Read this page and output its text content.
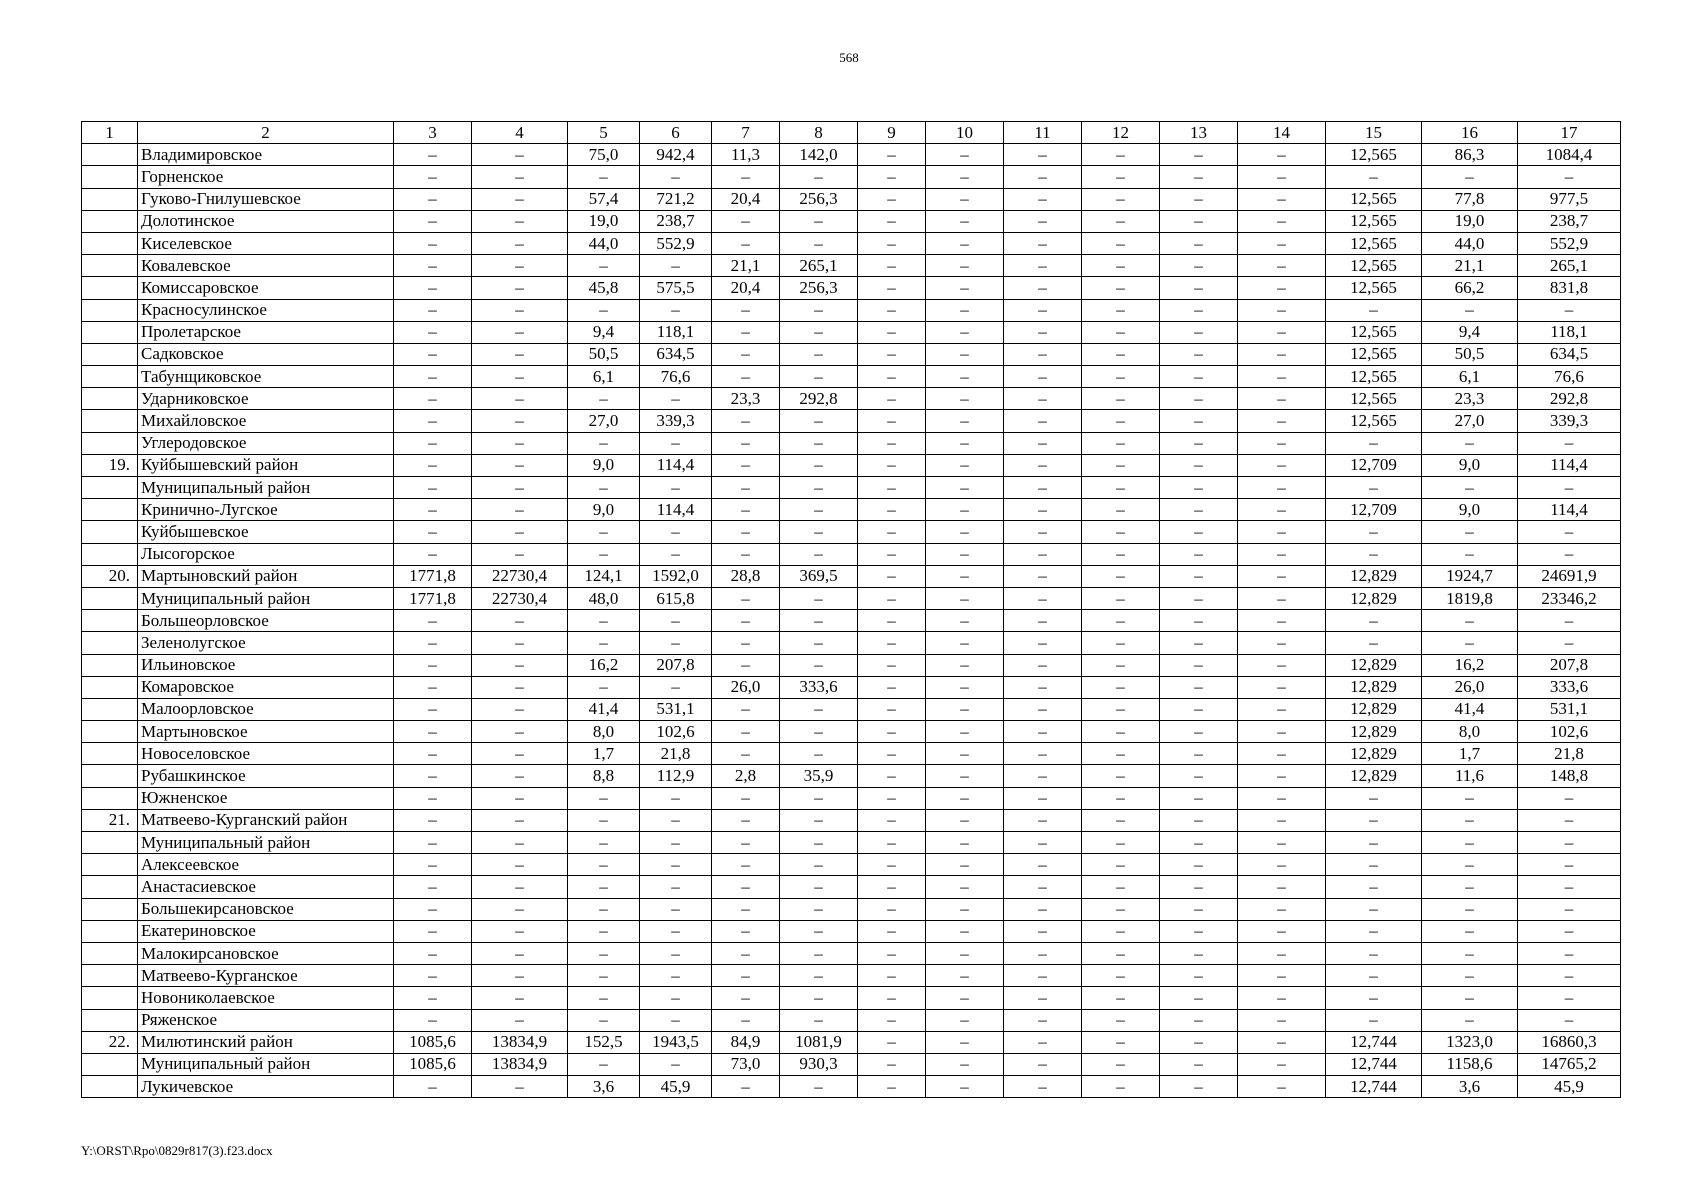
568
1	2	3	4	5	6	7	8	9	10	11	12	13	14	15	16	17
	Владимировское	–	–	75,0	942,4	11,3	142,0	–	–	–	–	–	–	12,565	86,3	1084,4
	Горненское	–	–	–	–	–	–	–	–	–	–	–	–	–	–	–
	Гуково-Гнилушевское	–	–	57,4	721,2	20,4	256,3	–	–	–	–	–	–	12,565	77,8	977,5
	Долотинское	–	–	19,0	238,7	–	–	–	–	–	–	–	–	12,565	19,0	238,7
	Киселевское	–	–	44,0	552,9	–	–	–	–	–	–	–	–	12,565	44,0	552,9
	Ковалевское	–	–	–	–	21,1	265,1	–	–	–	–	–	–	12,565	21,1	265,1
	Комиссаровское	–	–	45,8	575,5	20,4	256,3	–	–	–	–	–	–	12,565	66,2	831,8
	Красносулинское	–	–	–	–	–	–	–	–	–	–	–	–	–	–	–
	Пролетарское	–	–	9,4	118,1	–	–	–	–	–	–	–	–	12,565	9,4	118,1
	Садковское	–	–	50,5	634,5	–	–	–	–	–	–	–	–	12,565	50,5	634,5
	Табунщиковское	–	–	6,1	76,6	–	–	–	–	–	–	–	–	12,565	6,1	76,6
	Ударниковское	–	–	–	–	23,3	292,8	–	–	–	–	–	–	12,565	23,3	292,8
	Михайловское	–	–	27,0	339,3	–	–	–	–	–	–	–	–	12,565	27,0	339,3
	Углеродовское	–	–	–	–	–	–	–	–	–	–	–	–	–	–	–
19.	Куйбышевский район	–	–	9,0	114,4	–	–	–	–	–	–	–	–	12,709	9,0	114,4
	Муниципальный район	–	–	–	–	–	–	–	–	–	–	–	–	–	–	–
	Кринично-Лугское	–	–	9,0	114,4	–	–	–	–	–	–	–	–	12,709	9,0	114,4
	Куйбышевское	–	–	–	–	–	–	–	–	–	–	–	–	–	–	–
	Лысогорское	–	–	–	–	–	–	–	–	–	–	–	–	–	–	–
20.	Мартыновский район	1771,8	22730,4	124,1	1592,0	28,8	369,5	–	–	–	–	–	–	12,829	1924,7	24691,9
	Муниципальный район	1771,8	22730,4	48,0	615,8	–	–	–	–	–	–	–	–	12,829	1819,8	23346,2
	Большеорловское	–	–	–	–	–	–	–	–	–	–	–	–	–	–	–
	Зеленолугское	–	–	–	–	–	–	–	–	–	–	–	–	–	–	–
	Ильиновское	–	–	16,2	207,8	–	–	–	–	–	–	–	–	12,829	16,2	207,8
	Комаровское	–	–	–	–	26,0	333,6	–	–	–	–	–	–	12,829	26,0	333,6
	Малоорловское	–	–	41,4	531,1	–	–	–	–	–	–	–	–	12,829	41,4	531,1
	Мартыновское	–	–	8,0	102,6	–	–	–	–	–	–	–	–	12,829	8,0	102,6
	Новоселовское	–	–	1,7	21,8	–	–	–	–	–	–	–	–	12,829	1,7	21,8
	Рубашкинское	–	–	8,8	112,9	2,8	35,9	–	–	–	–	–	–	12,829	11,6	148,8
	Южненское	–	–	–	–	–	–	–	–	–	–	–	–	–	–	–
21.	Матвеево-Курганский район	–	–	–	–	–	–	–	–	–	–	–	–	–	–	–
	Муниципальный район	–	–	–	–	–	–	–	–	–	–	–	–	–	–	–
	Алексеевское	–	–	–	–	–	–	–	–	–	–	–	–	–	–	–
	Анастасиевское	–	–	–	–	–	–	–	–	–	–	–	–	–	–	–
	Большекирсановское	–	–	–	–	–	–	–	–	–	–	–	–	–	–	–
	Екатериновское	–	–	–	–	–	–	–	–	–	–	–	–	–	–	–
	Малокирсановское	–	–	–	–	–	–	–	–	–	–	–	–	–	–	–
	Матвеево-Курганское	–	–	–	–	–	–	–	–	–	–	–	–	–	–	–
	Новониколаевское	–	–	–	–	–	–	–	–	–	–	–	–	–	–	–
	Ряженское	–	–	–	–	–	–	–	–	–	–	–	–	–	–	–
22.	Милютинский район	1085,6	13834,9	152,5	1943,5	84,9	1081,9	–	–	–	–	–	–	12,744	1323,0	16860,3
	Муниципальный район	1085,6	13834,9	–	–	73,0	930,3	–	–	–	–	–	–	12,744	1158,6	14765,2
	Лукичевское	–	–	3,6	45,9	–	–	–	–	–	–	–	–	12,744	3,6	45,9
Y:\ORST\Rpo\0829r817(3).f23.docx
